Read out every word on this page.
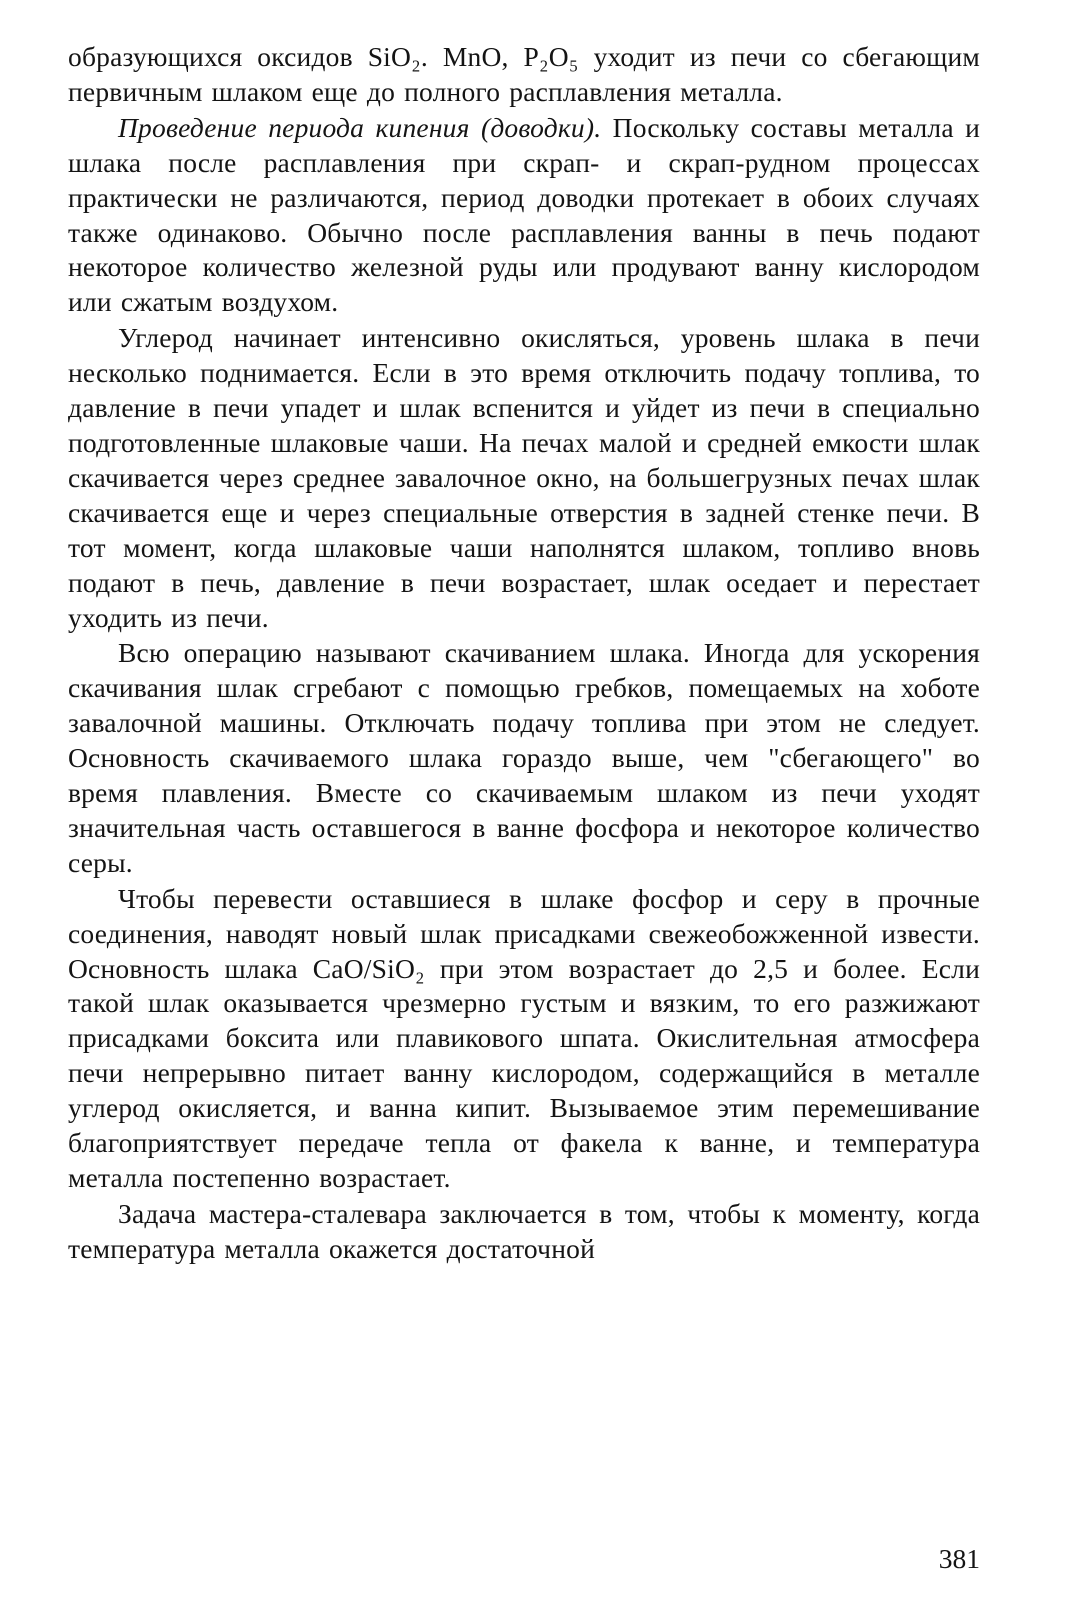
образующихся оксидов SiO₂. MnO, P₂O₅ уходит из печи со сбегающим первичным шлаком еще до полного расплавления металла.

Проведение периода кипения (доводки). Поскольку составы металла и шлака после расплавления при скрап- и скрап-рудном процессах практически не различаются, период доводки протекает в обоих случаях также одинаково. Обычно после расплавления ванны в печь подают некоторое количество железной руды или продувают ванну кислородом или сжатым воздухом.

Углерод начинает интенсивно окисляться, уровень шлака в печи несколько поднимается. Если в это время отключить подачу топлива, то давление в печи упадет и шлак вспенится и уйдет из печи в специально подготовленные шлаковые чаши. На печах малой и средней емкости шлак скачивается через среднее завалочное окно, на большегрузных печах шлак скачивается еще и через специальные отверстия в задней стенке печи. В тот момент, когда шлаковые чаши наполнятся шлаком, топливо вновь подают в печь, давление в печи возрастает, шлак оседает и перестает уходить из печи.

Всю операцию называют скачиванием шлака. Иногда для ускорения скачивания шлак сгребают с помощью гребков, помещаемых на хоботе завалочной машины. Отключать подачу топлива при этом не следует. Основность скачиваемого шлака гораздо выше, чем "сбегающего" во время плавления. Вместе со скачиваемым шлаком из печи уходят значительная часть оставшегося в ванне фосфора и некоторое количество серы.

Чтобы перевести оставшиеся в шлаке фосфор и серу в прочные соединения, наводят новый шлак присадками свежеобожженной извести. Основность шлака CaO/SiO₂ при этом возрастает до 2,5 и более. Если такой шлак оказывается чрезмерно густым и вязким, то его разжижают присадками боксита или плавикового шпата. Окислительная атмосфера печи непрерывно питает ванну кислородом, содержащийся в металле углерод окисляется, и ванна кипит. Вызываемое этим перемешивание благоприятствует передаче тепла от факела к ванне, и температура металла постепенно возрастает.

Задача мастера-сталевара заключается в том, чтобы к моменту, когда температура металла окажется достаточной

381
